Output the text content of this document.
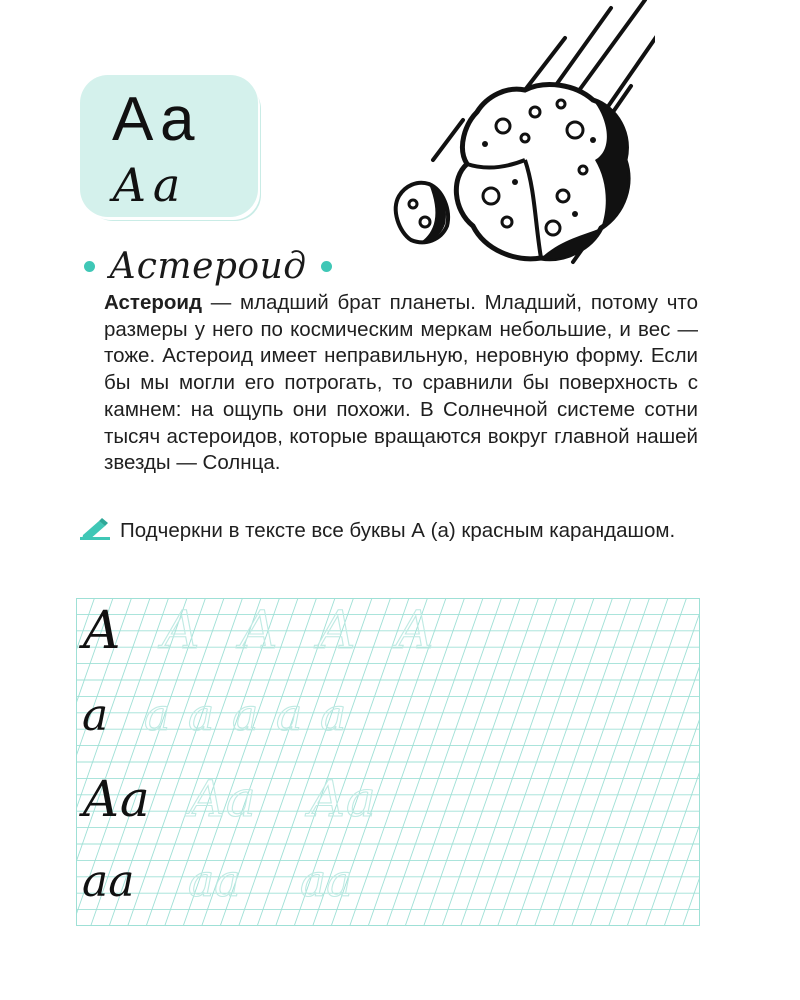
Аа
Аа
Астероид
Астероид — младший брат планеты. Младший, потому что размеры у него по космическим меркам небольшие, и вес — тоже. Астероид имеет неправильную, неровную форму. Если бы мы могли его потрогать, то сравнили бы поверхность с камнем: на ощупь они похожи. В Солнечной системе сотни тысяч астероидов, которые вращаются вокруг главной нашей звезды — Солнца.
Подчеркни в тексте все буквы А (а) красным карандашом.
А А А А А
а а а а а а
Аа Аа Аа
аа аа аа
